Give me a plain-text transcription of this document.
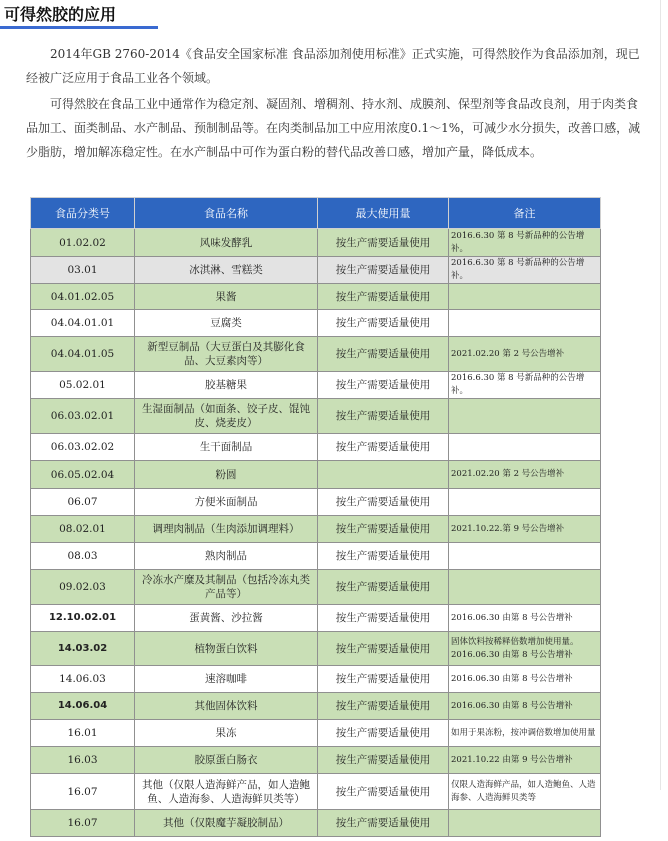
可得然胶的应用

2014年GB 2760-2014《食品安全国家标准 食品添加剂使用标准》正式实施，可得然胶作为食品添加剂，现已经被广泛应用于食品工业各个领域。

可得然胶在食品工业中通常作为稳定剂、凝固剂、增稠剂、持水剂、成膜剂、保型剂等食品改良剂，用于肉类食品加工、面类制品、水产制品、预制制品等。在肉类制品加工中应用浓度0.1～1%，可减少水分损失，改善口感，减少脂肪，增加解冻稳定性。在水产制品中可作为蛋白粉的替代品改善口感，增加产量，降低成本。

食品分类号	食品名称	最大使用量	备注
01.02.02	风味发酵乳	按生产需要适量使用	2016.6.30 第 8 号新品种的公告增补。
03.01	冰淇淋、雪糕类	按生产需要适量使用	2016.6.30 第 8 号新品种的公告增补。
04.01.02.05	果酱	按生产需要适量使用	
04.04.01.01	豆腐类	按生产需要适量使用	
04.04.01.05	新型豆制品（大豆蛋白及其膨化食品、大豆素肉等）	按生产需要适量使用	2021.02.20 第 2 号公告增补
05.02.01	胶基糖果	按生产需要适量使用	2016.6.30 第 8 号新品种的公告增补。
06.03.02.01	生湿面制品（如面条、饺子皮、馄饨皮、烧麦皮）	按生产需要适量使用	
06.03.02.02	生干面制品	按生产需要适量使用	
06.05.02.04	粉圆		2021.02.20 第 2 号公告增补
06.07	方便米面制品	按生产需要适量使用	
08.02.01	调理肉制品（生肉添加调理料）	按生产需要适量使用	2021.10.22.第 9 号公告增补
08.03	熟肉制品	按生产需要适量使用	
09.02.03	冷冻水产糜及其制品（包括冷冻丸类产品等）	按生产需要适量使用	
12.10.02.01	蛋黄酱、沙拉酱	按生产需要适量使用	2016.06.30 由第 8 号公告增补
14.03.02	植物蛋白饮料	按生产需要适量使用	固体饮料按稀释倍数增加使用量。2016.06.30 由第 8 号公告增补
14.06.03	速溶咖啡	按生产需要适量使用	2016.06.30 由第 8 号公告增补
14.06.04	其他固体饮料	按生产需要适量使用	2016.06.30 由第 8 号公告增补
16.01	果冻	按生产需要适量使用	如用于果冻粉，按冲调倍数增加使用量
16.03	胶原蛋白肠衣	按生产需要适量使用	2021.10.22 由第 9 号公告增补
16.07	其他（仅限人造海鲜产品，如人造鲍鱼、人造海参、人造海鲜贝类等）	按生产需要适量使用	仅限人造海鲜产品，如人造鲍鱼、人造海参、人造海鲜贝类等
16.07	其他（仅限魔芋凝胶制品）	按生产需要适量使用	
